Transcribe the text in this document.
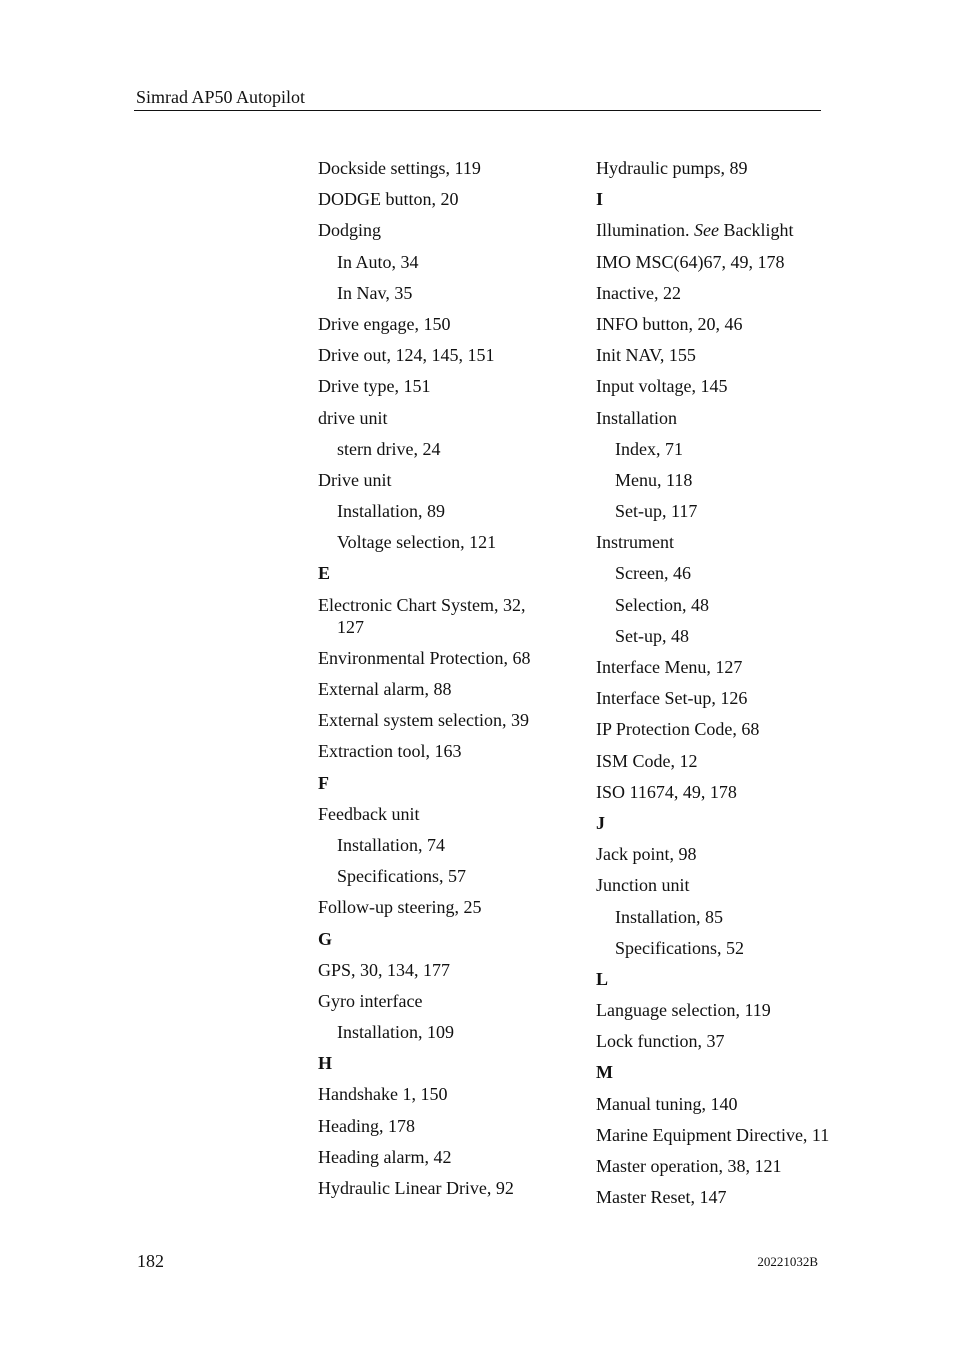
Simrad AP50 Autopilot
Dockside settings, 119
DODGE button, 20
Dodging
In Auto, 34
In Nav, 35
Drive engage, 150
Drive out, 124, 145, 151
Drive type, 151
drive unit
stern drive, 24
Drive unit
Installation, 89
Voltage selection, 121
E
Electronic Chart System, 32, 127
Environmental Protection, 68
External alarm, 88
External system selection, 39
Extraction tool, 163
F
Feedback unit
Installation, 74
Specifications, 57
Follow-up steering, 25
G
GPS, 30, 134, 177
Gyro interface
Installation, 109
H
Handshake 1, 150
Heading, 178
Heading alarm, 42
Hydraulic Linear Drive, 92
Hydraulic pumps, 89
I
Illumination. See Backlight
IMO MSC(64)67, 49, 178
Inactive, 22
INFO button, 20, 46
Init NAV, 155
Input voltage, 145
Installation
Index, 71
Menu, 118
Set-up, 117
Instrument
Screen, 46
Selection, 48
Set-up, 48
Interface Menu, 127
Interface Set-up, 126
IP Protection Code, 68
ISM Code, 12
ISO 11674, 49, 178
J
Jack point, 98
Junction unit
Installation, 85
Specifications, 52
L
Language selection, 119
Lock function, 37
M
Manual tuning, 140
Marine Equipment Directive, 11
Master operation, 38, 121
Master Reset, 147
182	20221032B
